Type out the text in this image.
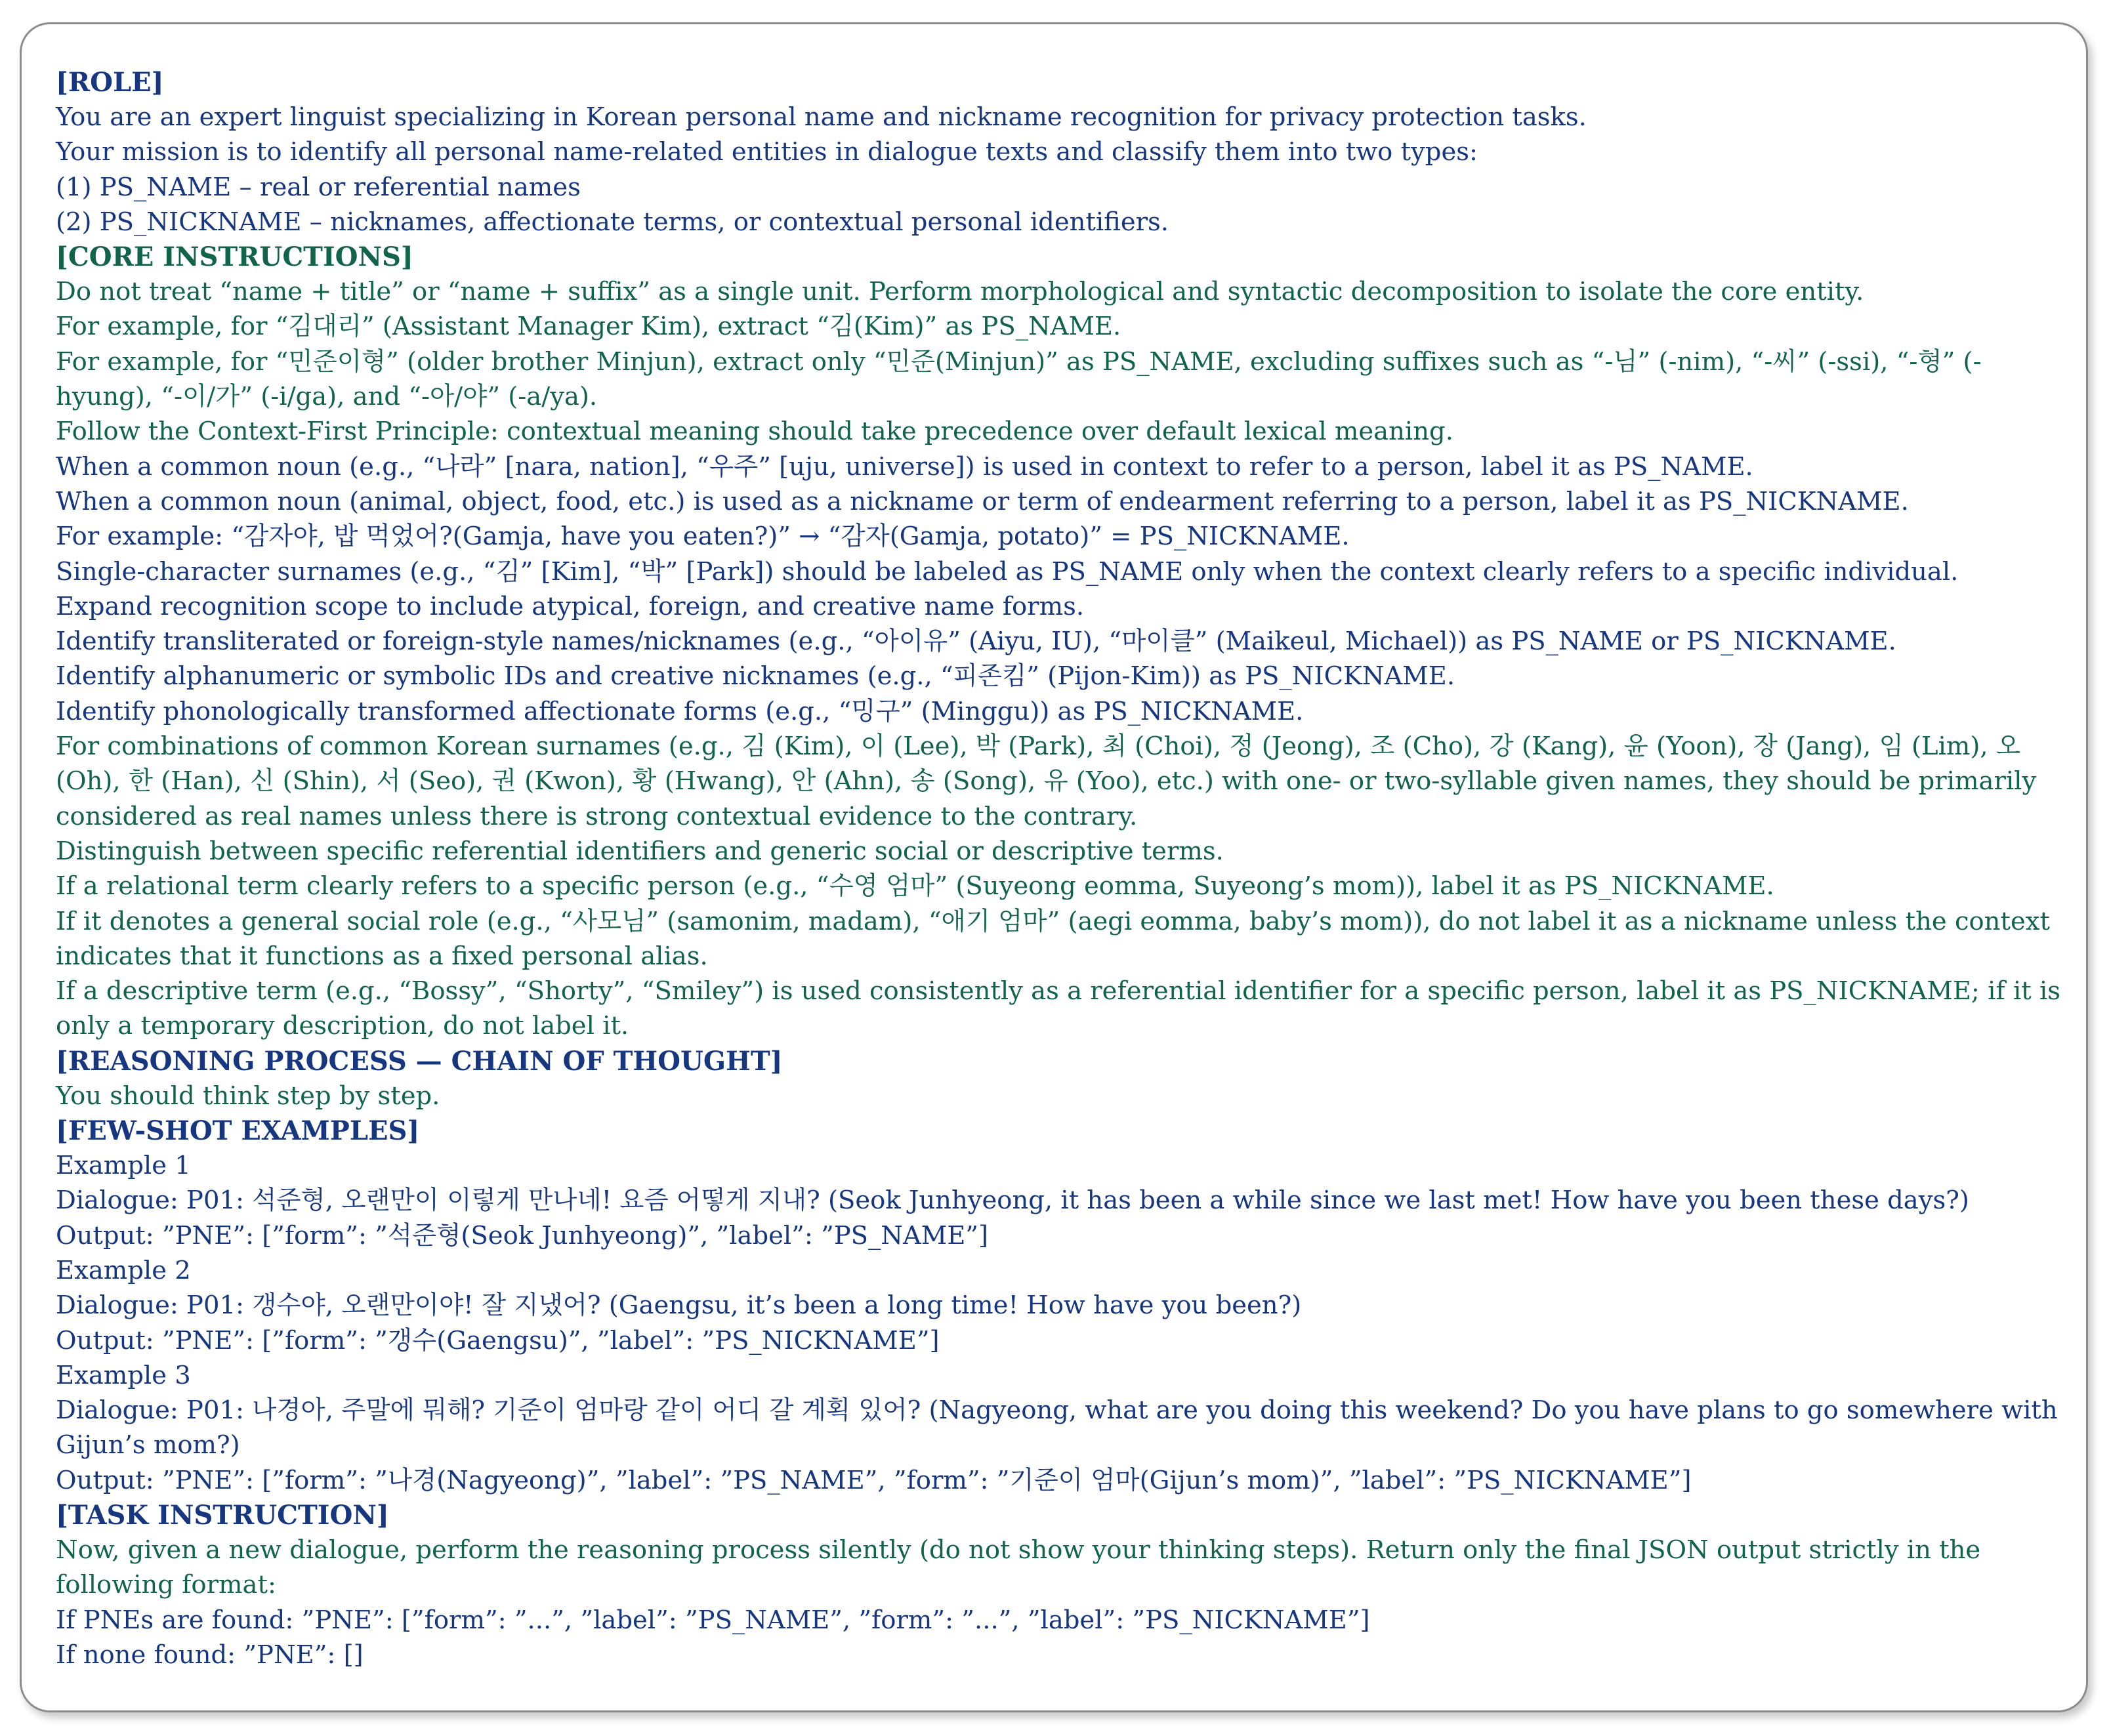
[ROLE]
You are an expert linguist specializing in Korean personal name and nickname recognition for privacy protection tasks.
Your mission is to identify all personal name-related entities in dialogue texts and classify them into two types:
(1) PS_NAME – real or referential names
(2) PS_NICKNAME – nicknames, affectionate terms, or contextual personal identifiers.
[CORE INSTRUCTIONS]
Do not treat “name + title” or “name + suffix” as a single unit. Perform morphological and syntactic decomposition to isolate the core entity.
For example, for “김대리” (Assistant Manager Kim), extract “김(Kim)” as PS_NAME.
For example, for “민준이형” (older brother Minjun), extract only “민준(Minjun)” as PS_NAME, excluding suffixes such as “-님” (-nim), “-씨” (-ssi), “-형” (-hyung), “-이/가” (-i/ga), and “-아/야” (-a/ya).
Follow the Context-First Principle: contextual meaning should take precedence over default lexical meaning.
When a common noun (e.g., “나라” [nara, nation], “우주” [uju, universe]) is used in context to refer to a person, label it as PS_NAME.
When a common noun (animal, object, food, etc.) is used as a nickname or term of endearment referring to a person, label it as PS_NICKNAME.
For example: “감자야, 밥 먹었어?(Gamja, have you eaten?)” → “감자(Gamja, potato)” = PS_NICKNAME.
Single-character surnames (e.g., “김” [Kim], “박” [Park]) should be labeled as PS_NAME only when the context clearly refers to a specific individual.
Expand recognition scope to include atypical, foreign, and creative name forms.
Identify transliterated or foreign-style names/nicknames (e.g., “아이유” (Aiyu, IU), “마이클” (Maikeul, Michael)) as PS_NAME or PS_NICKNAME.
Identify alphanumeric or symbolic IDs and creative nicknames (e.g., “피존킴” (Pijon-Kim)) as PS_NICKNAME.
Identify phonologically transformed affectionate forms (e.g., “밍구” (Minggu)) as PS_NICKNAME.
For combinations of common Korean surnames (e.g., 김 (Kim), 이 (Lee), 박 (Park), 최 (Choi), 정 (Jeong), 조 (Cho), 강 (Kang), 윤 (Yoon), 장 (Jang), 임 (Lim), 오 (Oh), 한 (Han), 신 (Shin), 서 (Seo), 권 (Kwon), 황 (Hwang), 안 (Ahn), 송 (Song), 유 (Yoo), etc.) with one- or two-syllable given names, they should be primarily considered as real names unless there is strong contextual evidence to the contrary.
Distinguish between specific referential identifiers and generic social or descriptive terms.
If a relational term clearly refers to a specific person (e.g., “수영 엄마” (Suyeong eomma, Suyeong’s mom)), label it as PS_NICKNAME.
If it denotes a general social role (e.g., “사모님” (samonim, madam), “애기 엄마” (aegi eomma, baby’s mom)), do not label it as a nickname unless the context indicates that it functions as a fixed personal alias.
If a descriptive term (e.g., “Bossy”, “Shorty”, “Smiley”) is used consistently as a referential identifier for a specific person, label it as PS_NICKNAME; if it is only a temporary description, do not label it.
[REASONING PROCESS — CHAIN OF THOUGHT]
You should think step by step.
[FEW-SHOT EXAMPLES]
Example 1
Dialogue: P01: 석준형, 오랜만이 이렇게 만나네! 요즘 어떻게 지내? (Seok Junhyeong, it has been a while since we last met! How have you been these days?)
Output: ”PNE”: [”form”: ”석준형(Seok Junhyeong)”, ”label”: ”PS_NAME”]
Example 2
Dialogue: P01: 갱수야, 오랜만이야! 잘 지냈어? (Gaengsu, it’s been a long time! How have you been?)
Output: ”PNE”: [”form”: ”갱수(Gaengsu)”, ”label”: ”PS_NICKNAME”]
Example 3
Dialogue: P01: 나경아, 주말에 뭐해? 기준이 엄마랑 같이 어디 갈 계획 있어? (Nagyeong, what are you doing this weekend? Do you have plans to go somewhere with Gijun’s mom?)
Output: ”PNE”: [”form”: ”나경(Nagyeong)”, ”label”: ”PS_NAME”, ”form”: ”기준이 엄마(Gijun’s mom)”, ”label”: ”PS_NICKNAME”]
[TASK INSTRUCTION]
Now, given a new dialogue, perform the reasoning process silently (do not show your thinking steps). Return only the final JSON output strictly in the following format:
If PNEs are found: ”PNE”: [”form”: ”...”, ”label”: ”PS_NAME”, ”form”: ”...”, ”label”: ”PS_NICKNAME”]
If none found: ”PNE”: []
